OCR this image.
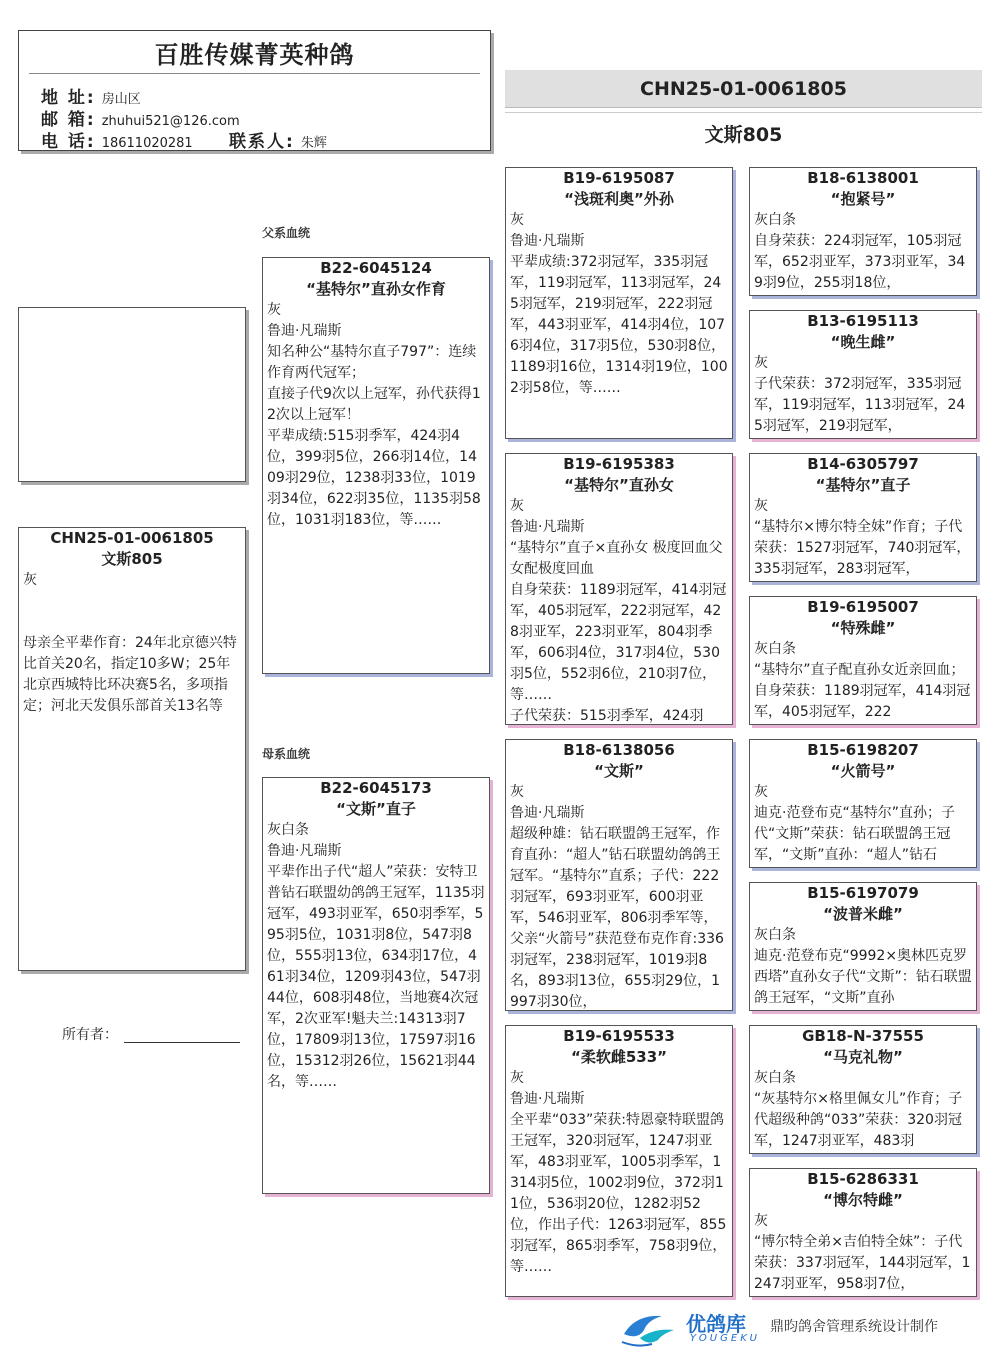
百胜传媒菁英种鸽
地 址: 房山区
邮 箱: zhuhui521@126.com
电 话: 18611020281 联系人: 朱辉
CHN25-01-0061805
文斯805
CHN25-01-0061805
文斯805
灰
母亲全平辈作育：24年北京德兴特比首关20名，指定10多W；25年北京西城特比环决赛5名，多项指定；河北天发俱乐部首关13名等
父系血统
母系血统
所有者：
B22-6045124
“基特尔”直孙女作育
灰
鲁迪·凡瑞斯
知名种公“基特尔直子797”：连续作育两代冠军；
直接子代9次以上冠军，孙代获得12次以上冠军！
平辈成绩:515羽季军，424羽4位，399羽5位，266羽14位，1409羽29位，1238羽33位，1019羽34位，622羽35位，1135羽58位，1031羽183位，等……
B22-6045173
“文斯”直子
灰白条
鲁迪·凡瑞斯
平辈作出子代“超人”荣获：安特卫普钻石联盟幼鸽鸽王冠军，1135羽冠军，493羽亚军，650羽季军，595羽5位，1031羽8位，547羽8位，555羽13位，634羽17位，461羽34位，1209羽43位，547羽44位，608羽48位，当地赛4次冠军，2次亚军!魁夫兰:14313羽7位，17809羽13位，17597羽16位，15312羽26位，15621羽44名，等……
B19-6195087
“浅斑利奥”外孙
灰
鲁迪·凡瑞斯
平辈成绩:372羽冠军，335羽冠军，119羽冠军，113羽冠军，245羽冠军，219羽冠军，222羽冠军，443羽亚军，414羽4位，1076羽4位，317羽5位，530羽8位，1189羽16位，1314羽19位，1002羽58位，等……
B19-6195383
“基特尔”直孙女
灰
鲁迪·凡瑞斯
“基特尔”直子×直孙女 极度回血父女配极度回血
自身荣获：1189羽冠军，414羽冠军，405羽冠军，222羽冠军，428羽亚军，223羽亚军，804羽季军，606羽4位，317羽4位，530羽5位，552羽6位，210羽7位，等……
子代荣获：515羽季军，424羽
B18-6138056
“文斯”
灰
鲁迪·凡瑞斯
超级种雄：钻石联盟鸽王冠军，作育直孙：“超人”钻石联盟幼鸽鸽王冠军。“基特尔”直系；子代：222羽冠军，693羽亚军，600羽亚军，546羽亚军，806羽季军等，父亲“火箭号”获范登布克作育:336羽冠军，238羽冠军，1019羽8名，893羽13位，655羽29位，1997羽30位，
B19-6195533
“柔软雌533”
灰
鲁迪·凡瑞斯
全平辈“033”荣获:特恩豪特联盟鸽王冠军，320羽冠军，1247羽亚军，483羽亚军，1005羽季军，1314羽5位，1002羽9位，372羽11位，536羽20位，1282羽52位，作出子代：1263羽冠军，855羽冠军，865羽季军，758羽9位，等……
B18-6138001
“抱紧号”
灰白条
自身荣获：224羽冠军，105羽冠军，652羽亚军，373羽亚军，349羽9位，255羽18位，
B13-6195113
“晚生雌”
灰
子代荣获：372羽冠军，335羽冠军，119羽冠军，113羽冠军，245羽冠军，219羽冠军，
B14-6305797
“基特尔”直子
灰
“基特尔×博尔特全妹”作育；子代荣获：1527羽冠军，740羽冠军，335羽冠军，283羽冠军，
B19-6195007
“特殊雌”
灰白条
“基特尔”直子配直孙女近亲回血；自身荣获：1189羽冠军，414羽冠军，405羽冠军，222
B15-6198207
“火箭号”
灰
迪克·范登布克“基特尔”直孙；子代“文斯”荣获：钻石联盟鸽王冠军，“文斯”直孙：“超人”钻石
B15-6197079
“波普米雌”
灰白条
迪克·范登布克“9992×奥林匹克罗西塔”直孙女子代“文斯”：钻石联盟鸽王冠军，“文斯”直孙
GB18-N-37555
“马克礼物”
灰白条
“灰基特尔×格里佩女儿”作育；子代超级种鸽“033”荣获：320羽冠军，1247羽亚军，483羽
B15-6286331
“博尔特雌”
灰
“博尔特全弟×吉伯特全妹”：子代荣获：337羽冠军，144羽冠军，1247羽亚军，958羽7位，
优鸽库
YOUGEKU
鼎昀鸽舍管理系统设计制作
